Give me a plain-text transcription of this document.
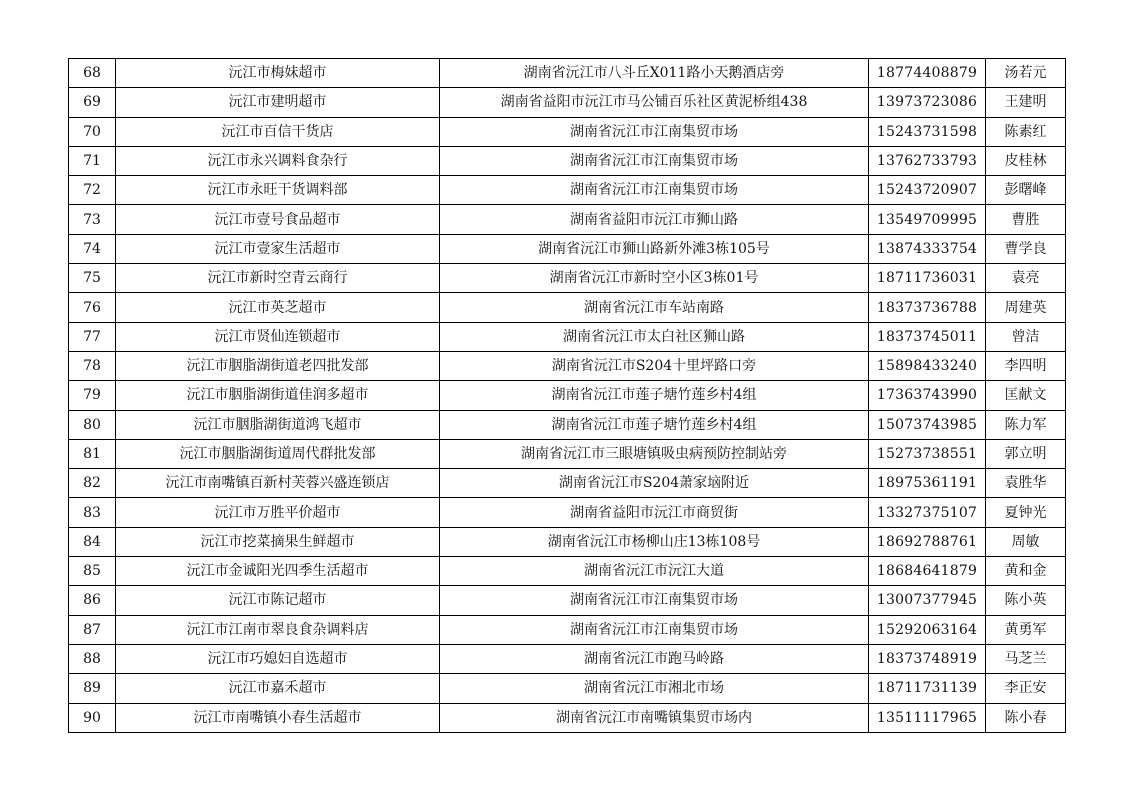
68	沅江市梅妹超市	湖南省沅江市八斗丘X011路小天鹅酒店旁	18774408879	汤若元
69	沅江市建明超市	湖南省益阳市沅江市马公铺百乐社区黄泥桥组438	13973723086	王建明
70	沅江市百信干货店	湖南省沅江市江南集贸市场	15243731598	陈素红
71	沅江市永兴调料食杂行	湖南省沅江市江南集贸市场	13762733793	皮桂林
72	沅江市永旺干货调料部	湖南省沅江市江南集贸市场	15243720907	彭曙峰
73	沅江市壹号食品超市	湖南省益阳市沅江市狮山路	13549709995	曹胜
74	沅江市壹家生活超市	湖南省沅江市狮山路新外滩3栋105号	13874333754	曹学良
75	沅江市新时空青云商行	湖南省沅江市新时空小区3栋01号	18711736031	袁亮
76	沅江市英芝超市	湖南省沅江市车站南路	18373736788	周建英
77	沅江市贤仙连锁超市	湖南省沅江市太白社区狮山路	18373745011	曾洁
78	沅江市胭脂湖街道老四批发部	湖南省沅江市S204十里坪路口旁	15898433240	李四明
79	沅江市胭脂湖街道佳润多超市	湖南省沅江市莲子塘竹莲乡村4组	17363743990	匡献文
80	沅江市胭脂湖街道鸿飞超市	湖南省沅江市莲子塘竹莲乡村4组	15073743985	陈力军
81	沅江市胭脂湖街道周代群批发部	湖南省沅江市三眼塘镇吸虫病预防控制站旁	15273738551	郭立明
82	沅江市南嘴镇百新村芙蓉兴盛连锁店	湖南省沅江市S204萧家垴附近	18975361191	袁胜华
83	沅江市万胜平价超市	湖南省益阳市沅江市商贸街	13327375107	夏钟光
84	沅江市挖菜摘果生鲜超市	湖南省沅江市杨柳山庄13栋108号	18692788761	周敏
85	沅江市金诚阳光四季生活超市	湖南省沅江市沅江大道	18684641879	黄和金
86	沅江市陈记超市	湖南省沅江市江南集贸市场	13007377945	陈小英
87	沅江市江南市翠良食杂调料店	湖南省沅江市江南集贸市场	15292063164	黄勇军
88	沅江市巧媳妇自选超市	湖南省沅江市跑马岭路	18373748919	马芝兰
89	沅江市嘉禾超市	湖南省沅江市湘北市场	18711731139	李正安
90	沅江市南嘴镇小春生活超市	湖南省沅江市南嘴镇集贸市场内	13511117965	陈小春
